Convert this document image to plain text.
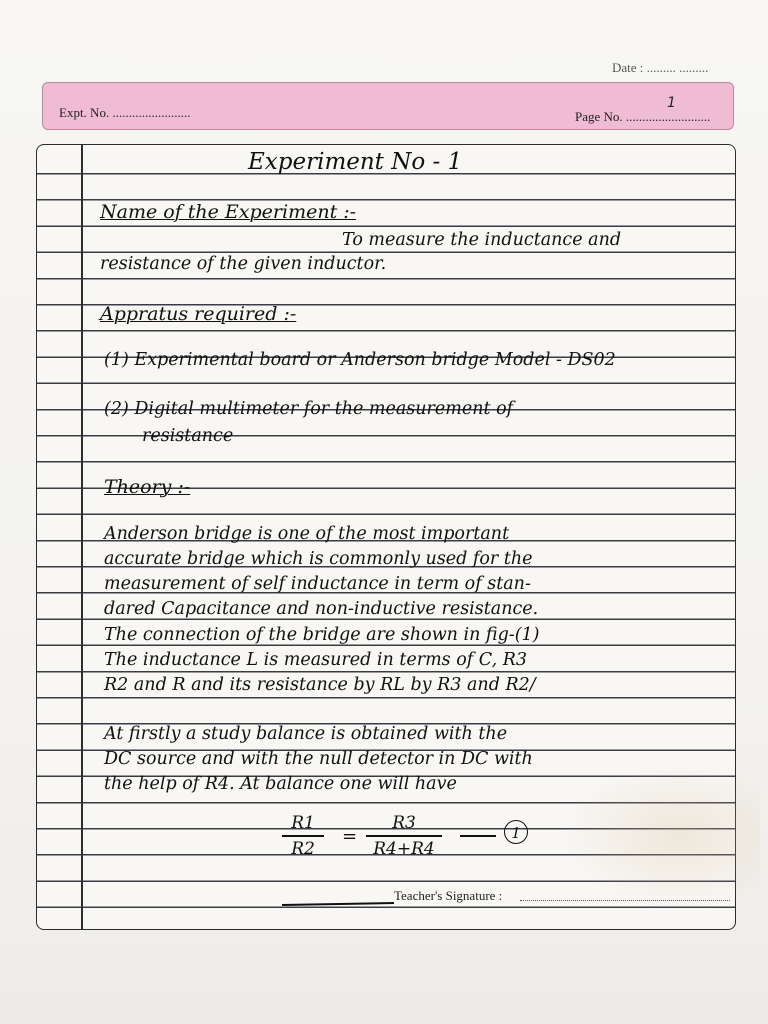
Date : ......... .........
Expt. No. ........................	Page No. ..........................
1
Experiment No - 1
Name of the Experiment :-
To measure the inductance and
resistance of the given inductor.
Appratus required :-
(1) Experimental board or Anderson bridge Model - DS02
(2) Digital multimeter for the measurement of
resistance
Theory :-
Anderson bridge is one of the most important
accurate bridge which is commonly used for the
measurement of self inductance in term of stan-
dared Capacitance and non-inductive resistance.
The connection of the bridge are shown in fig-(1)
The inductance L is measured in terms of C, R3
R2 and R and its resistance by RL by R3 and R2/
At firstly a study balance is obtained with the
DC source and with the null detector in DC with
the help of R4. At balance one will have
R1
R2
=
R3
R4+R4
1
Teacher's Signature :
